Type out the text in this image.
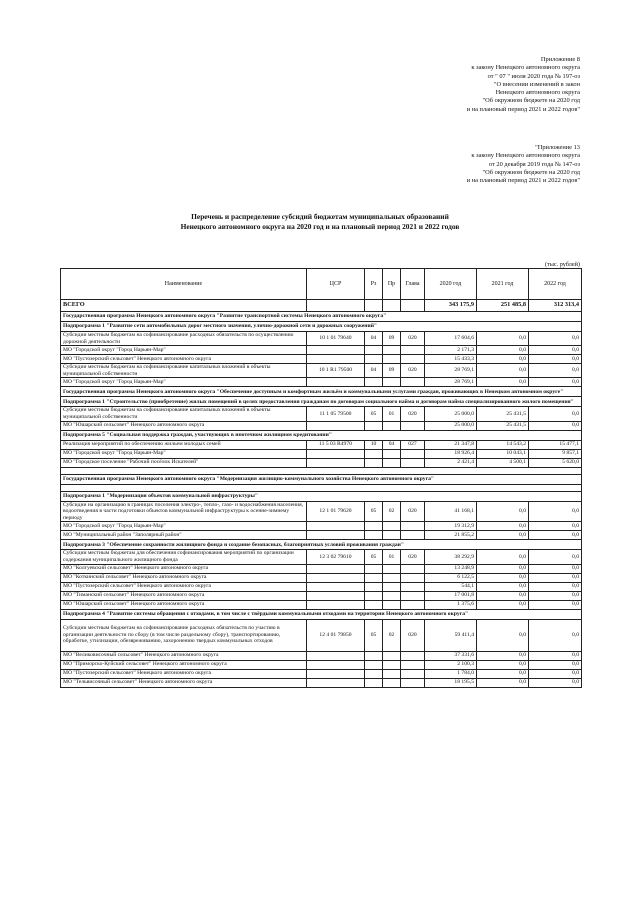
Приложение 8
к закону Ненецкого автономного округа
от " 07 " июля 2020 года № 197-оз
"О внесении изменений в закон
Ненецкого автономного округа
"Об окружном бюджете на 2020 год
и на плановый период 2021 и 2022 годов"
"Приложение 13
к закону Ненецкого автономного округа
от 20 декабря 2019 года № 147-оз
"Об окружном бюджете на 2020 год
и на плановый период 2021 и 2022 годов"
Перечень и распределение субсидий бюджетам муниципальных образований
Ненецкого автономного округа на 2020 год и на плановый период 2021 и 2022 годов
(тыс. рублей)
Наименование	ЦСР	Рз	Пр	Глава	2020 год	2021 год	2022 год
ВСЕГО					343 175,9	251 485,8	312 313,4
Государственная программа Ненецкого автономного округа "Развитие транспортной системы Ненецкого автономного округа"							
Подпрограмма 1 "Развитие сети автомобильных дорог местного значения, улично-дорожной сети и дорожных сооружений"							
Субсидии местным бюджетам на софинансирование расходных обязательств по осуществлению дорожной деятельности	10 1 01 79640	04	09	020	17 604,6	0,0	0,0
МО "Городской округ "Город Нарьян-Мар"					2 171,3	0,0	0,0
МО "Пустозерский сельсовет" Ненецкого автономного округа					15 433,3	0,0	0,0
Субсидии местным бюджетам на софинансирование капитальных вложений в объекты муниципальной собственности	10 1 R1 79500	04	09	020	28 769,1	0,0	0,0
МО "Городской округ "Город Нарьян-Мар"					28 769,1	0,0	0,0
Государственная программа Ненецкого автономного округа "Обеспечение доступным и комфортным жильём и коммунальными услугами граждан, проживающих в Ненецком автономном округе"							
Подпрограмма 1 "Строительство (приобретение) жилых помещений в целях предоставления гражданам по договорам социального найма и договорам найма специализированного жилого помещения"							
Субсидии местным бюджетам на софинансирование капитальных вложений в объекты муниципальной собственности	11 1 05 79500	05	01	020	25 000,0	25 431,5	0,0
МО "Юшарский сельсовет" Ненецкого автономного округа					25 000,0	25 431,5	0,0
Подпрограмма 5 "Социальная поддержка граждан, участвующих в ипотечном жилищном кредитовании"							
Реализация мероприятий по обеспечению жильем молодых семей	11 5 03 R4970	10	04	027	21 347,8	14 543,2	15 477,1
МО "Городской округ "Город Нарьян-Мар"					18 926,4	10 043,1	9 857,1
МО "Городское поселение "Рабочий посёлок Искателей"					2 421,4	4 500,1	5 620,0

Государственная программа Ненецкого автономного округа "Модернизация жилищно-коммунального хозяйства Ненецкого автономного округа"							

Подпрограмма 1 "Модернизация объектов коммунальной инфраструктуры"							
Субсидии на организацию в границах поселения электро-, тепло-, газо- и водоснабжения населения, водоотведения в части подготовки объектов коммунальной инфраструктуры к осенне-зимнему периоду	12 1 01 79620	05	02	020	41 168,1	0,0	0,0
МО "Городской округ "Город Нарьян-Мар"					19 312,9	0,0	0,0
МО "Муниципальный район "Заполярный район"					21 855,2	0,0	0,0
Подпрограмма 3 "Обеспечение сохранности жилищного фонда и создание безопасных, благоприятных условий проживания граждан"							
Субсидии местным бюджетам для обеспечения софинансирования мероприятий по организации содержания муниципального жилищного фонда	12 3 02 79610	05	01	020	38 292,9	0,0	0,0
МО "Колгуевский сельсовет" Ненецкого автономного округа					13 248,9	0,0	0,0
МО "Коткинский сельсовет" Ненецкого автономного округа					6 122,5	0,0	0,0
МО "Пустозерский сельсовет" Ненецкого автономного округа					544,1	0,0	0,0
МО "Тиманский сельсовет" Ненецкого автономного округа					17 001,8	0,0	0,0
МО "Юшарский сельсовет" Ненецкого автономного округа					1 375,6	0,0	0,0
Подпрограмма 4 "Развитие системы обращения с отходами, в том числе с твёрдыми коммунальными отходами на территории Ненецкого автономного округа"							
Субсидии местным бюджетам на софинансирование расходных обязательств по участию в организации деятельности по сбору (в том числе раздельному сбору), транспортированию, обработке, утилизации, обезвреживанию, захоронению твердых коммунальных отходов	12 4 01 79850	05	02	020	59 411,4	0,0	0,0
МО "Великовисочный сельсовет" Ненецкого автономного округа					37 331,6	0,0	0,0
МО "Приморско-Куйский сельсовет" Ненецкого автономного округа					2 100,3	0,0	0,0
МО "Пустозерский сельсовет" Ненецкого автономного округа					1 784,0	0,0	0,0
МО "Тельвисочный сельсовет" Ненецкого автономного округа					18 195,5	0,0	0,0
